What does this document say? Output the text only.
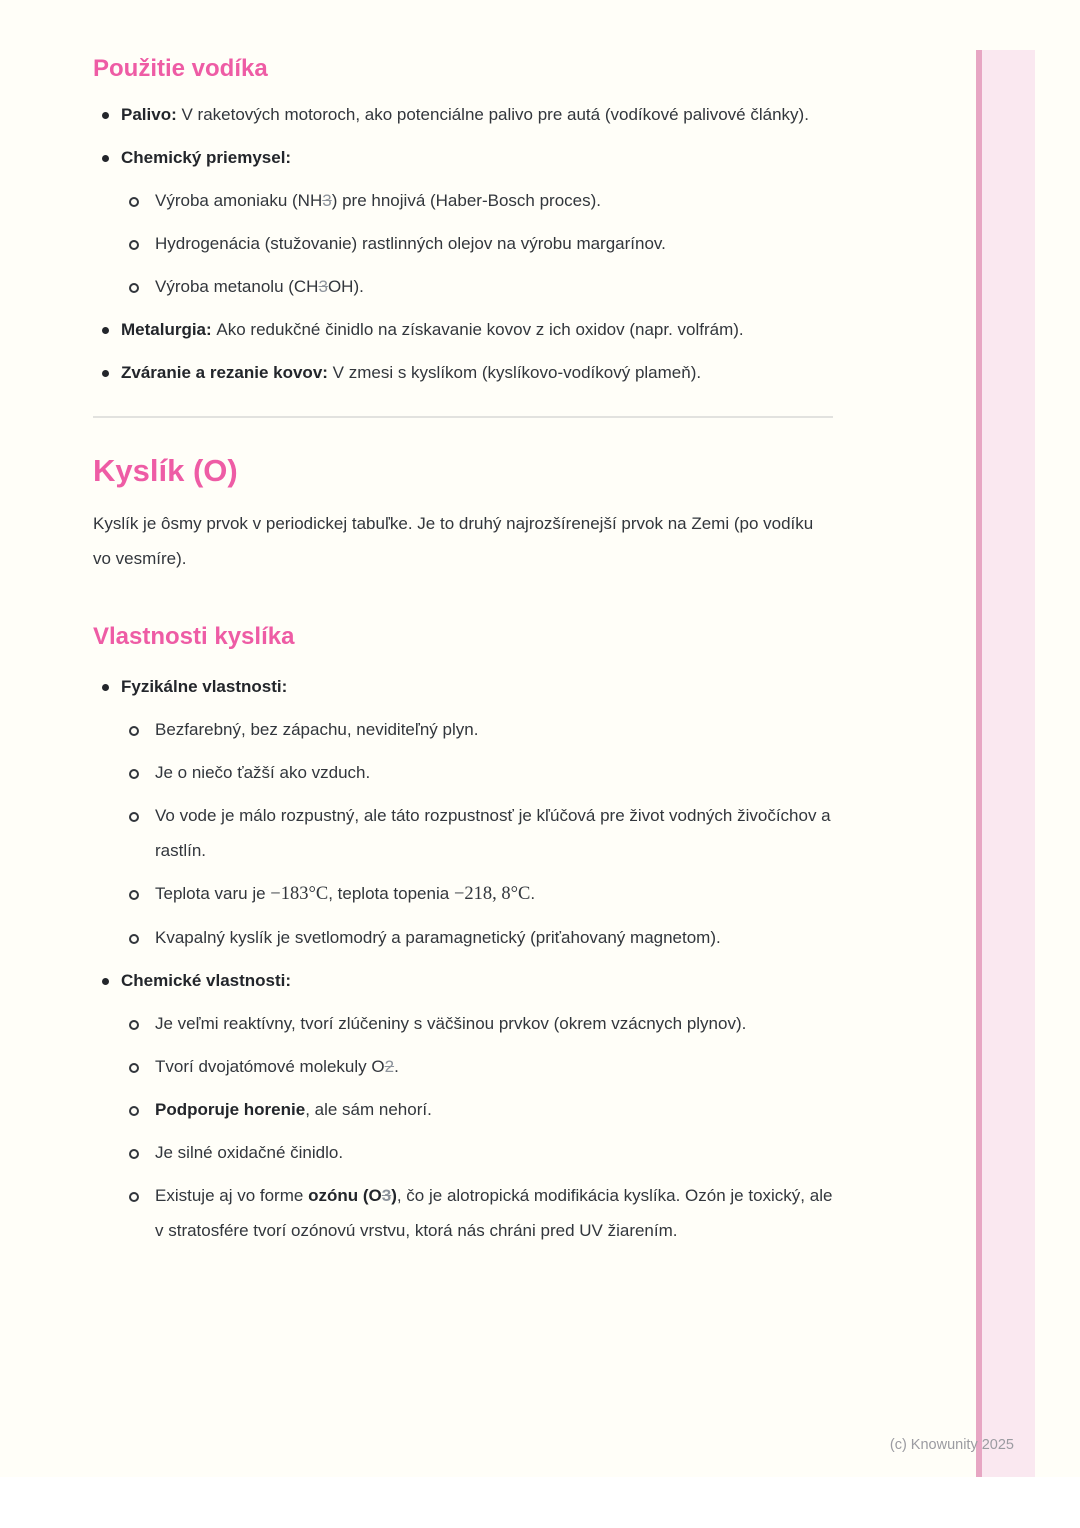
Použitie vodíka
Palivo: V raketových motoroch, ako potenciálne palivo pre autá (vodíkové palivové články).
Chemický priemysel:
Výroba amoniaku (NH3) pre hnojivá (Haber-Bosch proces).
Hydrogenácia (stužovanie) rastlinných olejov na výrobu margarínov.
Výroba metanolu (CH3OH).
Metalurgia: Ako redukčné činidlo na získavanie kovov z ich oxidov (napr. volfrám).
Zváranie a rezanie kovov: V zmesi s kyslíkom (kyslíkovo-vodíkový plameň).
Kyslík (O)

Kyslík je ôsmy prvok v periodickej tabuľke. Je to druhý najrozšírenejší prvok na Zemi (po vodíku vo vesmíre).

Vlastnosti kyslíka
Fyzikálne vlastnosti:
Bezfarebný, bez zápachu, neviditeľný plyn.
Je o niečo ťažší ako vzduch.
Vo vode je málo rozpustný, ale táto rozpustnosť je kľúčová pre život vodných živočíchov a rastlín.
Teplota varu je −183°C, teplota topenia −218, 8°C.
Kvapalný kyslík je svetlomodrý a paramagnetický (priťahovaný magnetom).
Chemické vlastnosti:
Je veľmi reaktívny, tvorí zlúčeniny s väčšinou prvkov (okrem vzácnych plynov).
Tvorí dvojatómové molekuly O2.
Podporuje horenie, ale sám nehorí.
Je silné oxidačné činidlo.
Existuje aj vo forme ozónu (O3), čo je alotropická modifikácia kyslíka. Ozón je toxický, ale v stratosfére tvorí ozónovú vrstvu, ktorá nás chráni pred UV žiarením.
(c) Knowunity 2025
